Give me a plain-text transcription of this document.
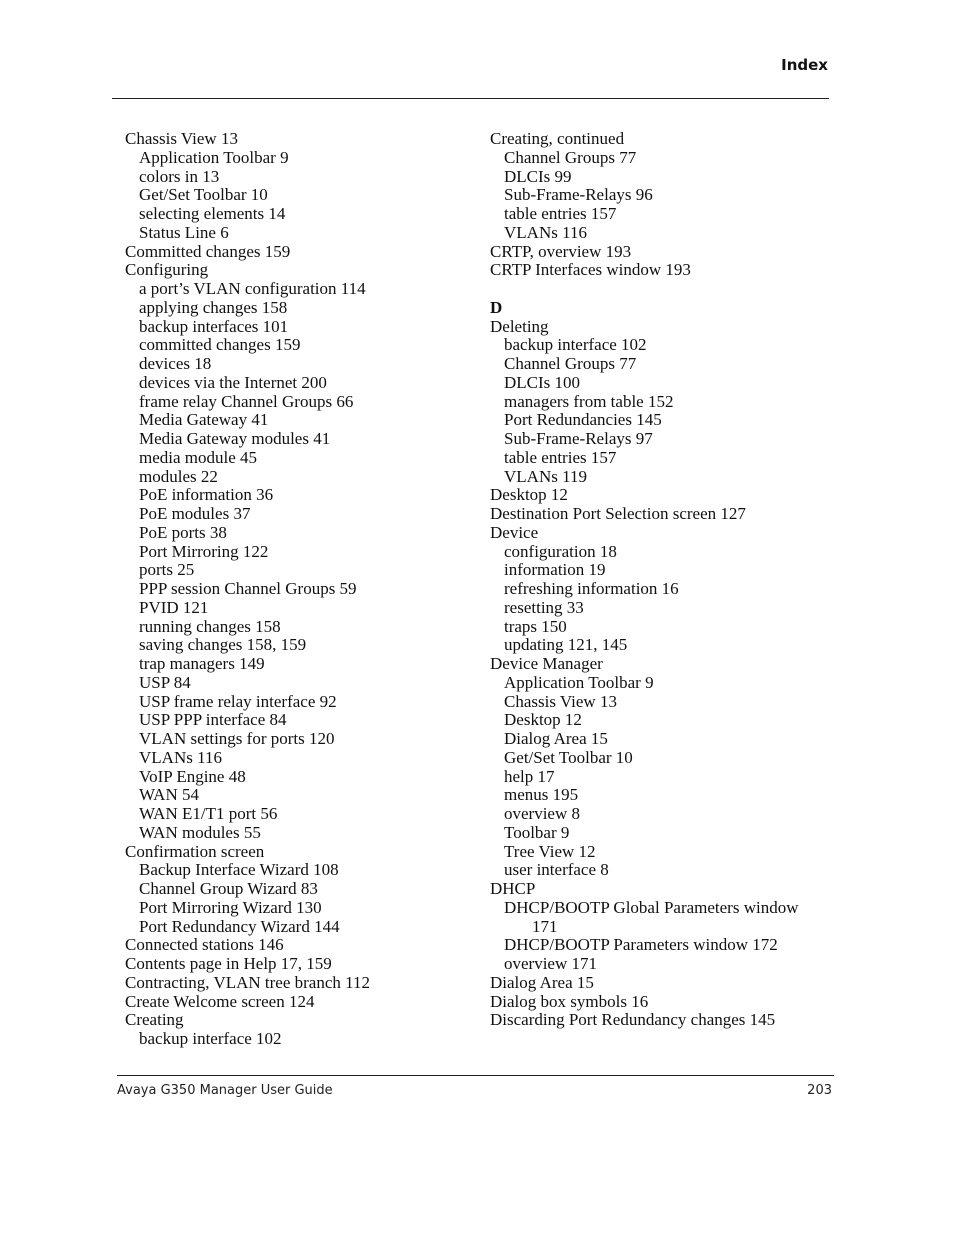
Index
Chassis View 13
Application Toolbar 9
colors in 13
Get/Set Toolbar 10
selecting elements 14
Status Line 6
Committed changes 159
Configuring
a port’s VLAN configuration 114
applying changes 158
backup interfaces 101
committed changes 159
devices 18
devices via the Internet 200
frame relay Channel Groups 66
Media Gateway 41
Media Gateway modules 41
media module 45
modules 22
PoE information 36
PoE modules 37
PoE ports 38
Port Mirroring 122
ports 25
PPP session Channel Groups 59
PVID 121
running changes 158
saving changes 158, 159
trap managers 149
USP 84
USP frame relay interface 92
USP PPP interface 84
VLAN settings for ports 120
VLANs 116
VoIP Engine 48
WAN 54
WAN E1/T1 port 56
WAN modules 55
Confirmation screen
Backup Interface Wizard 108
Channel Group Wizard 83
Port Mirroring Wizard 130
Port Redundancy Wizard 144
Connected stations 146
Contents page in Help 17, 159
Contracting, VLAN tree branch 112
Create Welcome screen 124
Creating
backup interface 102
Creating, continued
Channel Groups 77
DLCIs 99
Sub-Frame-Relays 96
table entries 157
VLANs 116
CRTP, overview 193
CRTP Interfaces window 193
D
Deleting
backup interface 102
Channel Groups 77
DLCIs 100
managers from table 152
Port Redundancies 145
Sub-Frame-Relays 97
table entries 157
VLANs 119
Desktop 12
Destination Port Selection screen 127
Device
configuration 18
information 19
refreshing information 16
resetting 33
traps 150
updating 121, 145
Device Manager
Application Toolbar 9
Chassis View 13
Desktop 12
Dialog Area 15
Get/Set Toolbar 10
help 17
menus 195
overview 8
Toolbar 9
Tree View 12
user interface 8
DHCP
DHCP/BOOTP Global Parameters window
171
DHCP/BOOTP Parameters window 172
overview 171
Dialog Area 15
Dialog box symbols 16
Discarding Port Redundancy changes 145
Avaya G350 Manager User Guide	203
